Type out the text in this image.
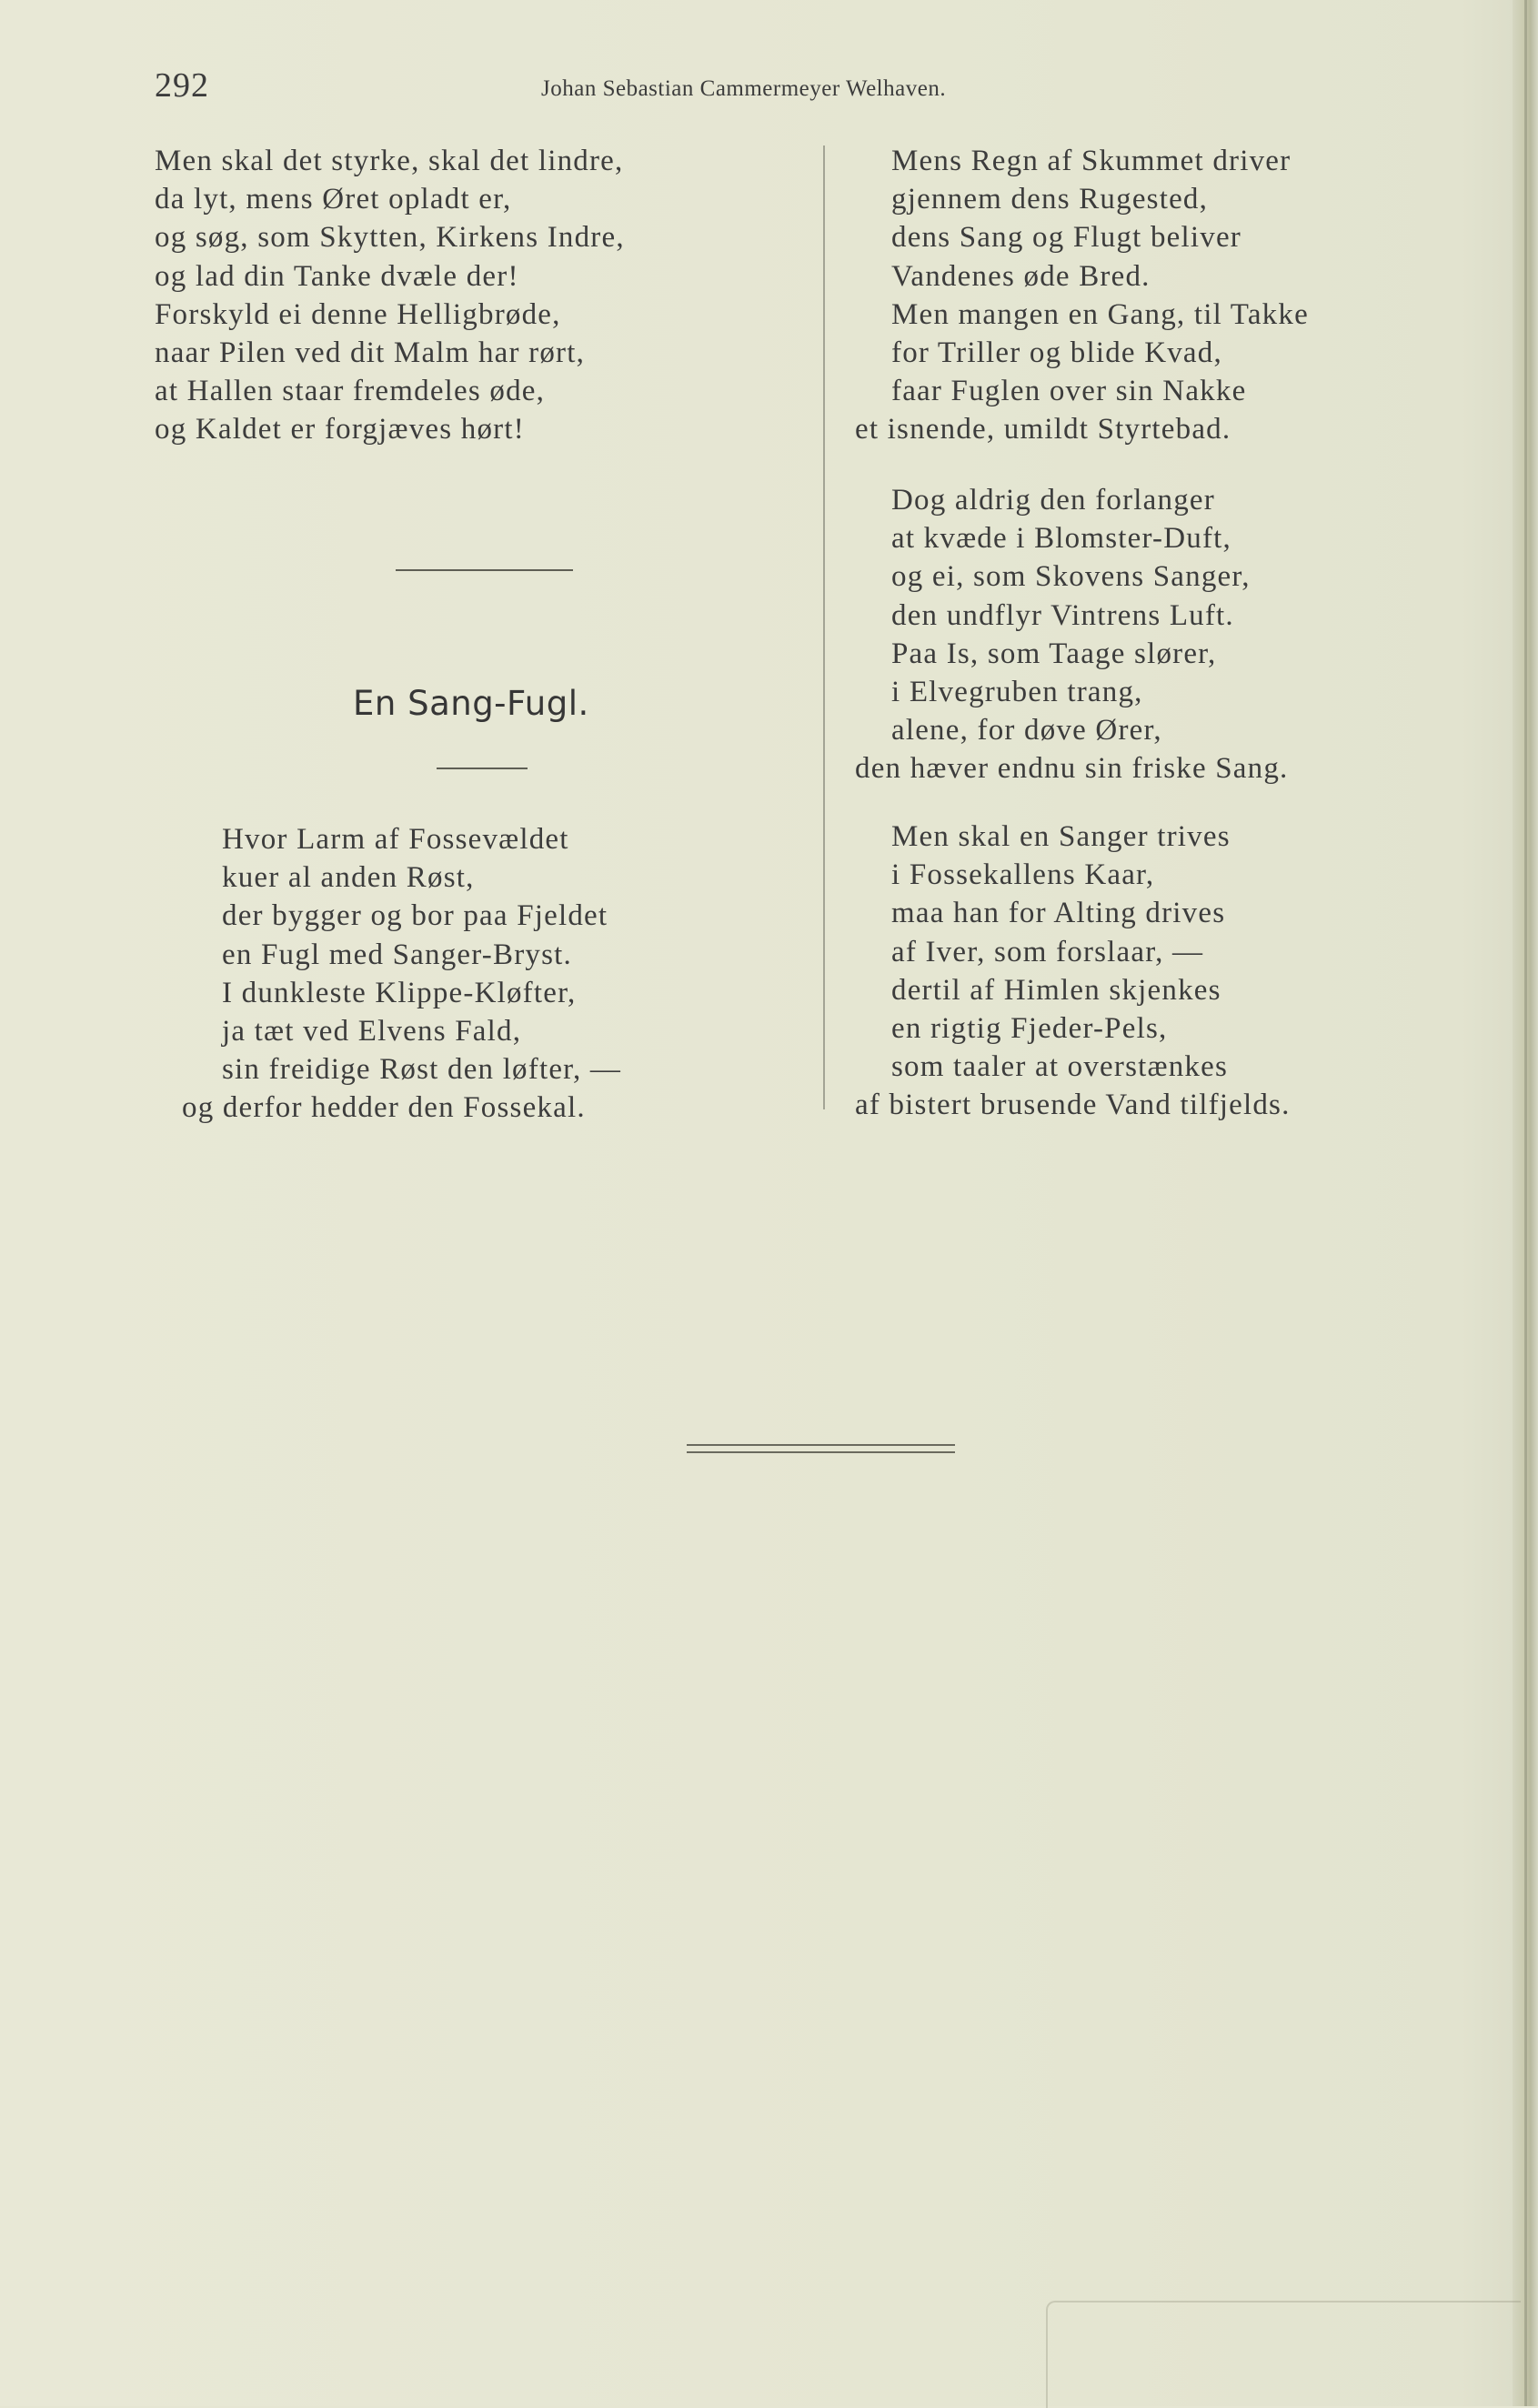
292	Johan Sebastian Cammermeyer Welhaven.
Men skal det styrke, skal det lindre,
da lyt, mens Øret opladt er,
og søg, som Skytten, Kirkens Indre,
og lad din Tanke dvæle der!
Forskyld ei denne Helligbrøde,
naar Pilen ved dit Malm har rørt,
at Hallen staar fremdeles øde,
og Kaldet er forgjæves hørt!
En Sang-Fugl.
Hvor Larm af Fossevældet
kuer al anden Røst,
der bygger og bor paa Fjeldet
en Fugl med Sanger-Bryst.
I dunkleste Klippe-Kløfter,
ja tæt ved Elvens Fald,
sin freidige Røst den løfter, —
og derfor hedder den Fossekal.
Mens Regn af Skummet driver
gjennem dens Rugested,
dens Sang og Flugt beliver
Vandenes øde Bred.
Men mangen en Gang, til Takke
for Triller og blide Kvad,
faar Fuglen over sin Nakke
et isnende, umildt Styrtebad.
Dog aldrig den forlanger
at kvæde i Blomster-Duft,
og ei, som Skovens Sanger,
den undflyr Vintrens Luft.
Paa Is, som Taage slører,
i Elvegruben trang,
alene, for døve Ører,
den hæver endnu sin friske Sang.
Men skal en Sanger trives
i Fossekallens Kaar,
maa han for Alting drives
af Iver, som forslaar, —
dertil af Himlen skjenkes
en rigtig Fjeder-Pels,
som taaler at overstænkes
af bistert brusende Vand tilfjelds.
